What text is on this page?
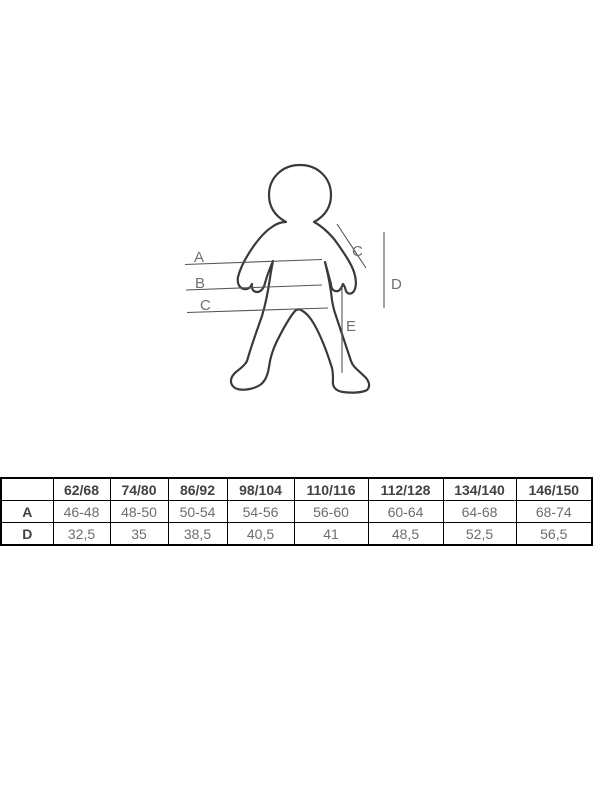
A
B
C
C
D
E
	62/68	74/80	86/92	98/104	110/116	112/128	134/140	146/150
A	46-48	48-50	50-54	54-56	56-60	60-64	64-68	68-74
D	32,5	35	38,5	40,5	41	48,5	52,5	56,5
